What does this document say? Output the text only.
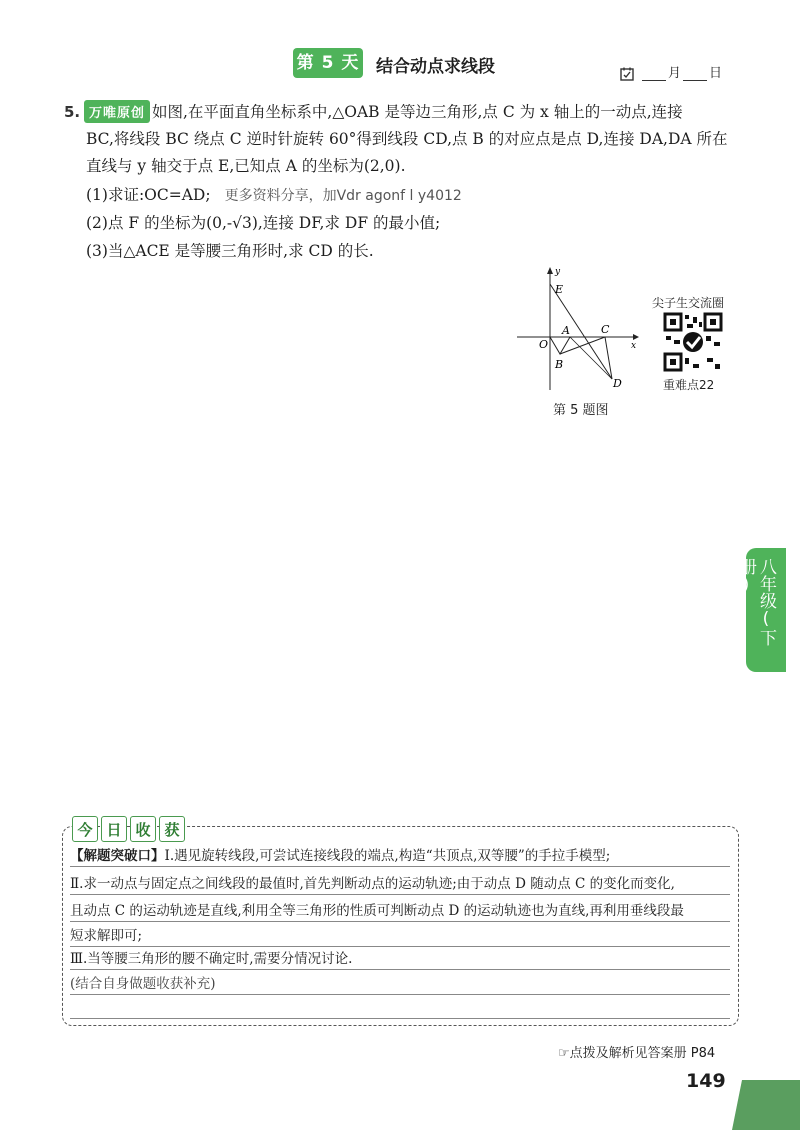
第 5 天 结合动点求线段	月 日
5. 万唯原创 如图,在平面直角坐标系中,△OAB 是等边三角形,点 C 为 x 轴上的一动点,连接
BC,将线段 BC 绕点 C 逆时针旋转 60°得到线段 CD,点 B 的对应点是点 D,连接 DA,DA 所在
直线与 y 轴交于点 E,已知点 A 的坐标为(2,0).
(1)求证:OC=AD; 更多资料分享，加Vdr agonf l y4012
(2)点 F 的坐标为(0,-√3),连接 DF,求 DF 的最小值;
(3)当△ACE 是等腰三角形时,求 CD 的长.
y
x
E
A	C
O
B
D
第 5 题图
尖子生交流圈
重难点22
八年级(下册)
今 日 收 获
【解题突破口】Ⅰ.遇见旋转线段,可尝试连接线段的端点,构造“共顶点,双等腰”的手拉手模型;
Ⅱ.求一动点与固定点之间线段的最值时,首先判断动点的运动轨迹;由于动点 D 随动点 C 的变化而变化,
且动点 C 的运动轨迹是直线,利用全等三角形的性质可判断动点 D 的运动轨迹也为直线,再利用垂线段最
短求解即可;
Ⅲ.当等腰三角形的腰不确定时,需要分情况讨论.
(结合自身做题收获补充)
☞点拨及解析见答案册 P84
149
